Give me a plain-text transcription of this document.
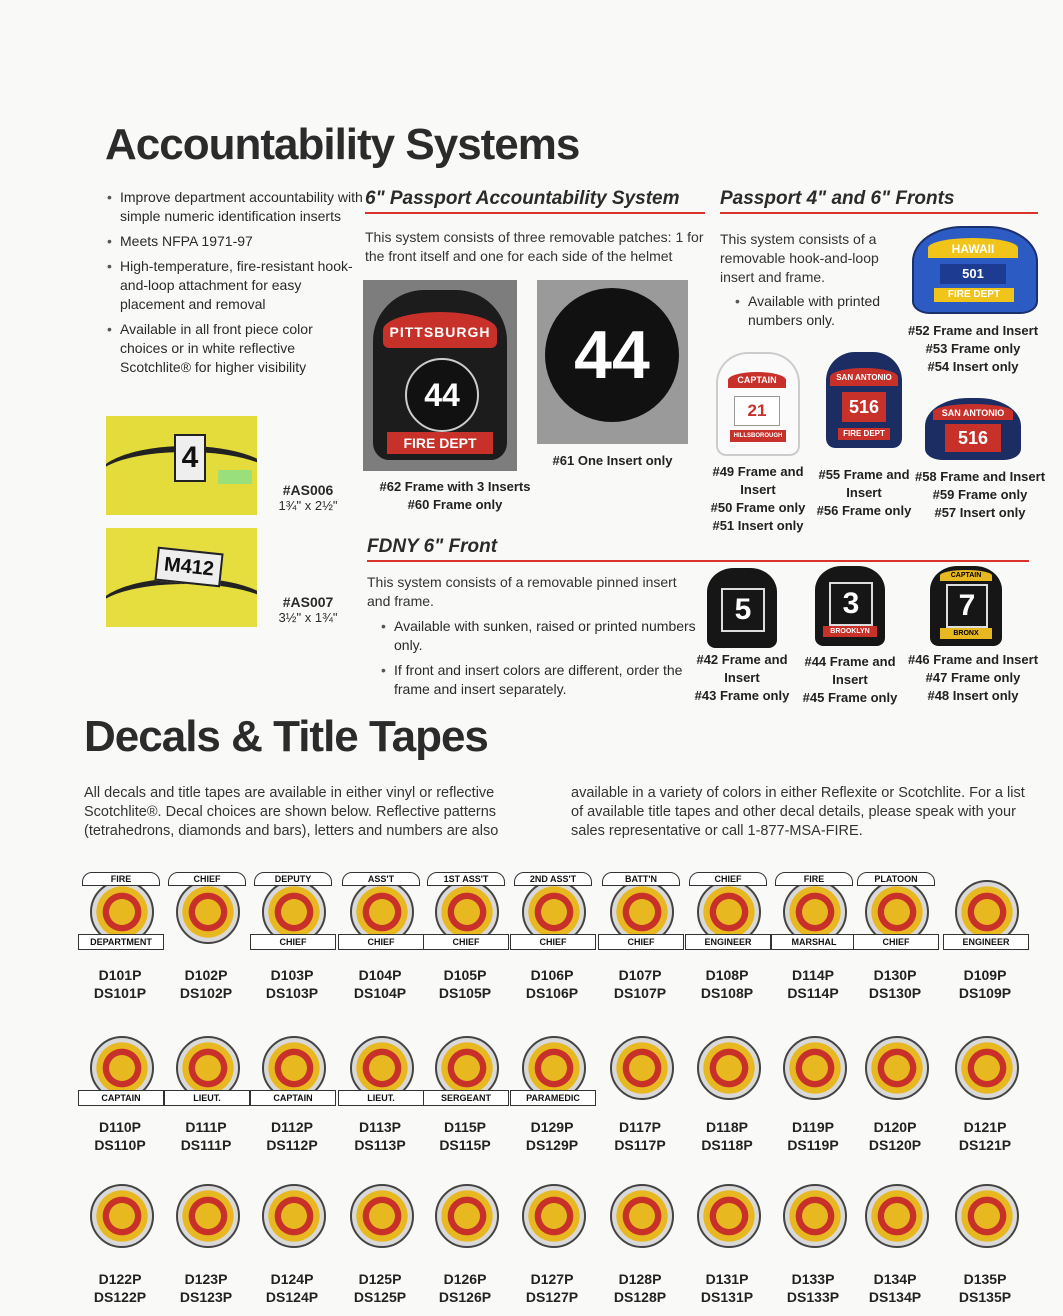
Accountability Systems
• Improve department accountability with simple numeric identification inserts
• Meets NFPA 1971-97
• High-temperature, fire-resistant hook-and-loop attachment for easy placement and removal
• Available in all front piece color choices or in white reflective Scotchlite® for higher visibility
4
M412
#AS006
1¾" x 2½"
#AS007
3½" x 1¾"
6" Passport Accountability System
This system consists of three removable patches: 1 for the front itself and one for each side of the helmet
PITTSBURGH
44
FIRE DEPT
44
#62 Frame with 3 Inserts
#60 Frame only
#61 One Insert only
Passport 4" and 6" Fronts
This system consists of a removable hook-and-loop insert and frame.
• Available with printed numbers only.
HAWAII
501
FIRE DEPT
#52 Frame and Insert
#53 Frame only
#54 Insert only
CAPTAIN
21
HILLSBOROUGH
#49 Frame and Insert
#50 Frame only
#51 Insert only
SAN ANTONIO
516
FIRE DEPT
#55 Frame and Insert
#56 Frame only
SAN ANTONIO
516
#58 Frame and Insert
#59 Frame only
#57 Insert only
FDNY 6" Front
This system consists of a removable pinned insert and frame.
• Available with sunken, raised or printed numbers only.
• If front and insert colors are different, order the frame and insert separately.
5
#42 Frame and Insert
#43 Frame only
3
BROOKLYN
#44 Frame and Insert
#45 Frame only
CAPTAIN
7
BRONX
#46 Frame and Insert
#47 Frame only
#48 Insert only
Decals & Title Tapes
All decals and title tapes are available in either vinyl or reflective Scotchlite®. Decal choices are shown below. Reflective patterns (tetrahedrons, diamonds and bars), letters and numbers are also
available in a variety of colors in either Reflexite or Scotchlite. For a list of available title tapes and other decal details, please speak with your sales representative or call 1-877-MSA-FIRE.
FIRE
DEPARTMENT
D101P
DS101P
CHIEF
D102P
DS102P
DEPUTY
CHIEF
D103P
DS103P
ASS'T
CHIEF
D104P
DS104P
1ST ASS'T
CHIEF
D105P
DS105P
2ND ASS'T
CHIEF
D106P
DS106P
BATT'N
CHIEF
D107P
DS107P
CHIEF
ENGINEER
D108P
DS108P
FIRE
MARSHAL
D114P
DS114P
PLATOON
CHIEF
D130P
DS130P
ENGINEER
D109P
DS109P
CAPTAIN
D110P
DS110P
LIEUT.
D111P
DS111P
CAPTAIN
D112P
DS112P
LIEUT.
D113P
DS113P
SERGEANT
D115P
DS115P
PARAMEDIC
D129P
DS129P
D117P
DS117P
D118P
DS118P
D119P
DS119P
D120P
DS120P
D121P
DS121P
D122P
DS122P
D123P
DS123P
D124P
DS124P
D125P
DS125P
D126P
DS126P
D127P
DS127P
D128P
DS128P
D131P
DS131P
D133P
DS133P
D134P
DS134P
D135P
DS135P
